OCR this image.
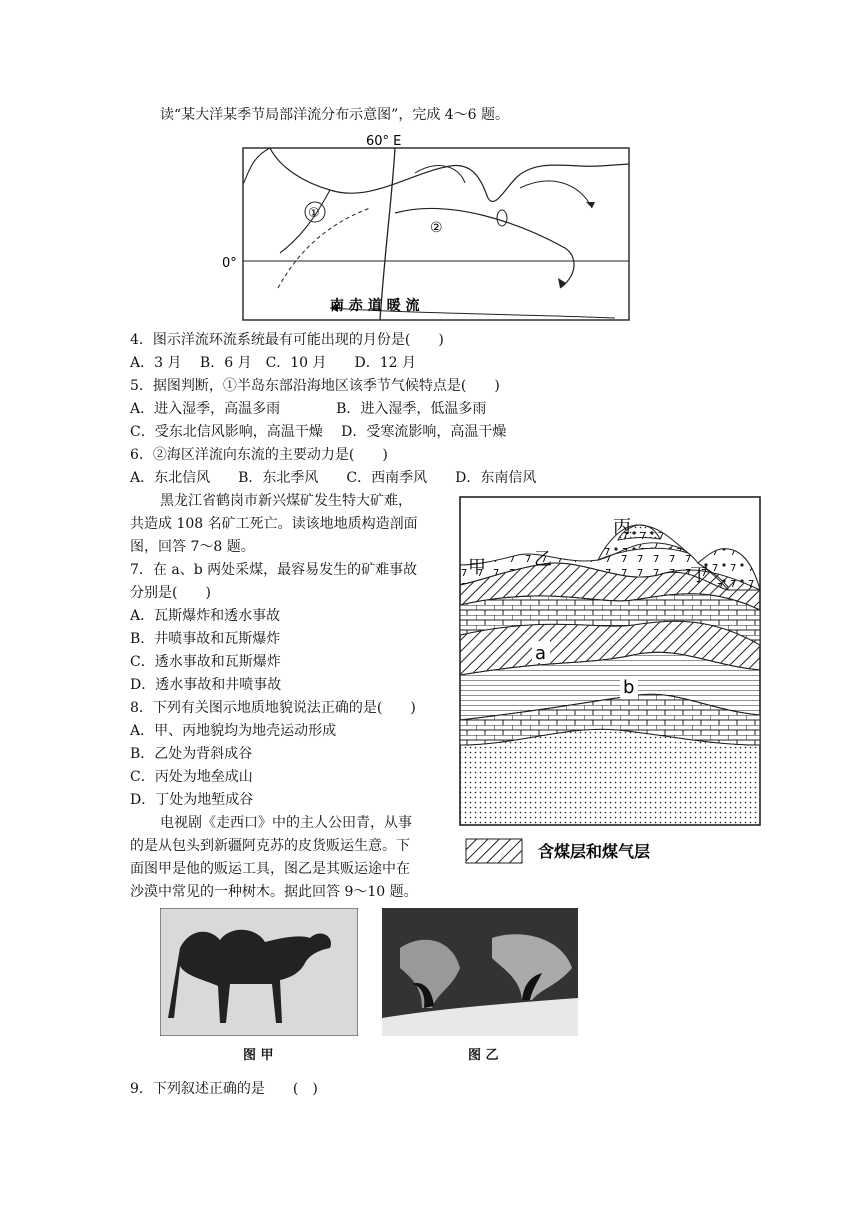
读“某大洋某季节局部洋流分布示意图”，完成 4～6 题。
60° E
0°
①
②
南 赤 道 暖 流
4．图示洋流环流系统最有可能出现的月份是(　　)
A．3 月　 B．6 月　C．10 月　　D．12 月
5．据图判断，①半岛东部沿海地区该季节气候特点是(　　)
A．进入湿季，高温多雨　　　　B．进入湿季，低温多雨
C．受东北信风影响，高温干燥　 D．受寒流影响，高温干燥
6．②海区洋流向东流的主要动力是(　　)
A．东北信风　　B．东北季风　　C．西南季风　　D．东南信风
黑龙江省鹤岗市新兴煤矿发生特大矿难，
共造成 108 名矿工死亡。读该地地质构造剖面
图，回答 7～8 题。
7．在 a、b 两处采煤，最容易发生的矿难事故
分别是(　　)
A．瓦斯爆炸和透水事故
B．井喷事故和瓦斯爆炸
C．透水事故和瓦斯爆炸
D．透水事故和井喷事故
8．下列有关图示地质地貌说法正确的是(　　)
A．甲、丙地貌均为地壳运动形成
B．乙处为背斜成谷
C．丙处为地垒成山
D．丁处为地堑成谷
甲	乙
丙
丁
a
b
含煤层和煤气层
电视剧《走西口》中的主人公田青，从事
的是从包头到新疆阿克苏的皮货贩运生意。下
面图甲是他的贩运工具，图乙是其贩运途中在
沙漠中常见的一种树木。据此回答 9～10 题。
图 甲	图 乙
9．下列叙述正确的是　　(　)
